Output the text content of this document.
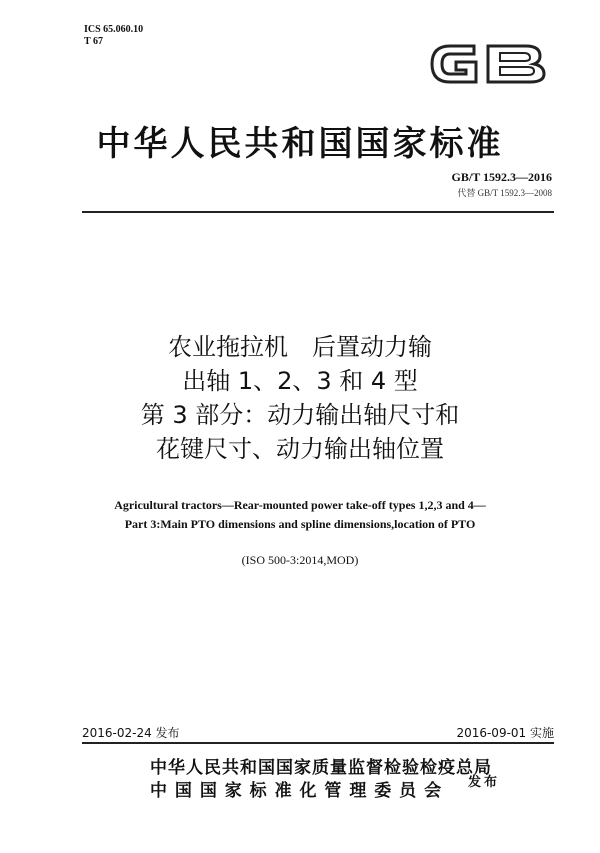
ICS 65.060.10
T 67
中华人民共和国国家标准
GB/T 1592.3—2016
代替 GB/T 1592.3—2008
农业拖拉机　后置动力输
出轴 1、2、3 和 4 型
第 3 部分：动力输出轴尺寸和
花键尺寸、动力输出轴位置
Agricultural tractors—Rear-mounted power take-off types 1,2,3 and 4—
Part 3:Main PTO dimensions and spline dimensions,location of PTO
(ISO 500-3:2014,MOD)
2016-02-24 发布	2016-09-01 实施
中华人民共和国国家质量监督检验检疫总局
中 国 国 家 标 准 化 管 理 委 员 会 发布
